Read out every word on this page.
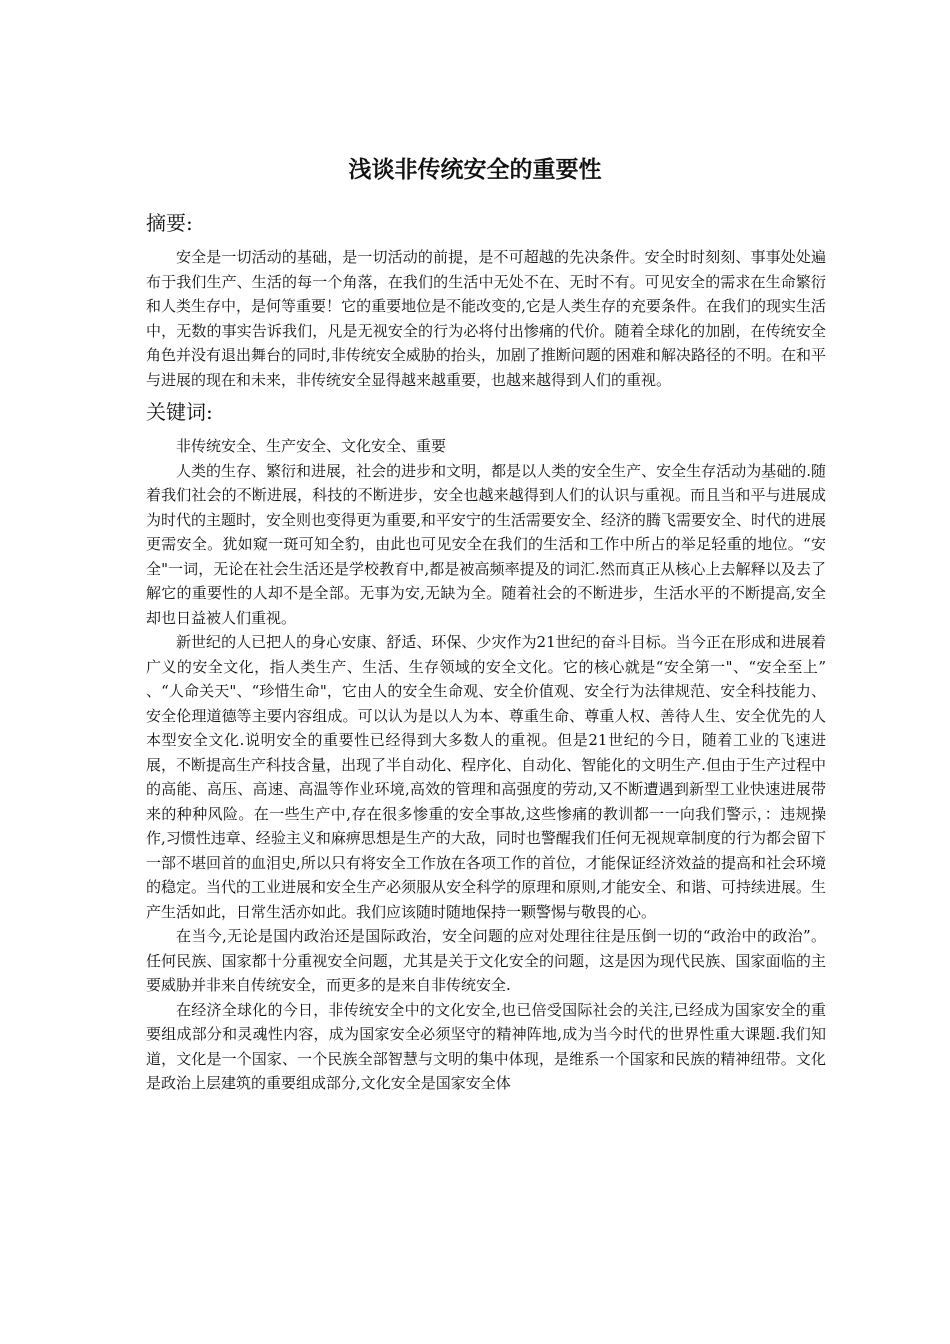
浅谈非传统安全的重要性
摘要:

安全是一切活动的基础，是一切活动的前提，是不可超越的先决条件。安全时时刻刻、事事处处遍布于我们生产、生活的每一个角落，在我们的生活中无处不在、无时不有。可见安全的需求在生命繁衍和人类生存中，是何等重要！它的重要地位是不能改变的,它是人类生存的充要条件。在我们的现实生活中，无数的事实告诉我们，凡是无视安全的行为必将付出惨痛的代价。随着全球化的加剧，在传统安全角色并没有退出舞台的同时,非传统安全威胁的抬头，加剧了推断问题的困难和解决路径的不明。在和平与进展的现在和未来，非传统安全显得越来越重要，也越来越得到人们的重视。

关键词:

非传统安全、生产安全、文化安全、重要

人类的生存、繁衍和进展，社会的进步和文明，都是以人类的安全生产、安全生存活动为基础的.随着我们社会的不断进展，科技的不断进步，安全也越来越得到人们的认识与重视。而且当和平与进展成为时代的主题时，安全则也变得更为重要,和平安宁的生活需要安全、经济的腾飞需要安全、时代的进展更需安全。犹如窥一斑可知全豹，由此也可见安全在我们的生活和工作中所占的举足轻重的地位。“安全"一词，无论在社会生活还是学校教育中,都是被高频率提及的词汇.然而真正从核心上去解释以及去了解它的重要性的人却不是全部。无事为安,无缺为全。随着社会的不断进步，生活水平的不断提高,安全却也日益被人们重视。

新世纪的人已把人的身心安康、舒适、环保、少灾作为21世纪的奋斗目标。当今正在形成和进展着广义的安全文化，指人类生产、生活、生存领域的安全文化。它的核心就是“安全第一"、“安全至上” 、“人命关天"、“珍惜生命"，它由人的安全生命观、安全价值观、安全行为法律规范、安全科技能力、安全伦理道德等主要内容组成。可以认为是以人为本、尊重生命、尊重人权、善待人生、安全优先的人本型安全文化.说明安全的重要性已经得到大多数人的重视。但是21世纪的今日，随着工业的飞速进展，不断提高生产科技含量，出现了半自动化、程序化、自动化、智能化的文明生产.但由于生产过程中的高能、高压、高速、高温等作业环境,高效的管理和高强度的劳动,又不断遭遇到新型工业快速进展带来的种种风险。在一些生产中,存在很多惨重的安全事故,这些惨痛的教训都一一向我们警示，：违规操作,习惯性违章、经验主义和麻痹思想是生产的大敌，同时也警醒我们任何无视规章制度的行为都会留下一部不堪回首的血泪史,所以只有将安全工作放在各项工作的首位，才能保证经济效益的提高和社会环境的稳定。当代的工业进展和安全生产必须服从安全科学的原理和原则,才能安全、和谐、可持续进展。生产生活如此，日常生活亦如此。我们应该随时随地保持一颗警惕与敬畏的心。

在当今,无论是国内政治还是国际政治，安全问题的应对处理往往是压倒一切的“政治中的政治”。任何民族、国家都十分重视安全问题，尤其是关于文化安全的问题，这是因为现代民族、国家面临的主要威胁并非来自传统安全，而更多的是来自非传统安全.

在经济全球化的今日，非传统安全中的文化安全,也已倍受国际社会的关注,已经成为国家安全的重要组成部分和灵魂性内容，成为国家安全必须坚守的精神阵地,成为当今时代的世界性重大课题.我们知道，文化是一个国家、一个民族全部智慧与文明的集中体现，是维系一个国家和民族的精神纽带。文化是政治上层建筑的重要组成部分,文化安全是国家安全体
